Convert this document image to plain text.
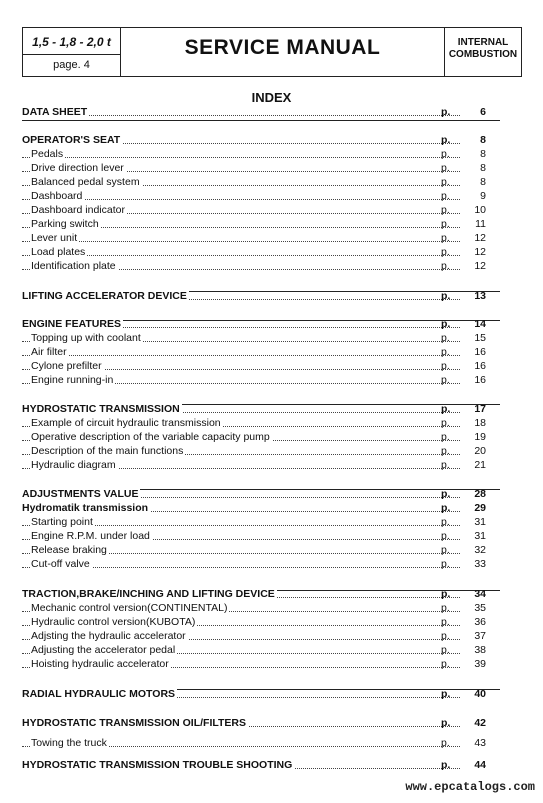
1,5 - 1,8 - 2,0 t
page. 4
SERVICE MANUAL	INTERNAL
COMBUSTION
INDEX
DATA SHEET	p.	6
OPERATOR'S SEAT	p.	8
Pedals	p.	8
Drive direction lever	p.	8
Balanced pedal system	p.	8
Dashboard	p.	9
Dashboard indicator	p.	10
Parking switch	p.	11
Lever unit	p.	12
Load plates	p.	12
Identification plate	p.	12
LIFTING ACCELERATOR DEVICE	p.	13
ENGINE FEATURES	p.	14
Topping up with coolant	p.	15
Air filter	p.	16
Cylone prefilter	p.	16
Engine running-in	p.	16
HYDROSTATIC TRANSMISSION	p.	17
Example of circuit hydraulic transmission	p.	18
Operative description of the variable capacity pump	p.	19
Description of the main functions	p.	20
Hydraulic diagram	p.	21
ADJUSTMENTS VALUE	p.	28
Hydromatik transmission	p.	29
Starting point	p.	31
Engine R.P.M. under load	p.	31
Release braking	p.	32
Cut-off valve	p.	33
TRACTION,BRAKE/INCHING AND LIFTING DEVICE	p.	34
Mechanic control version(CONTINENTAL)	p.	35
Hydraulic control version(KUBOTA)	p.	36
Adjsting the hydraulic accelerator	p.	37
Adjusting the accelerator pedal	p.	38
Hoisting hydraulic accelerator	p.	39
RADIAL HYDRAULIC MOTORS	p.	40
HYDROSTATIC TRANSMISSION OIL/FILTERS	p.	42
Towing the truck	p.	43
HYDROSTATIC TRANSMISSION TROUBLE SHOOTING	p.	44
www.epcatalogs.com
